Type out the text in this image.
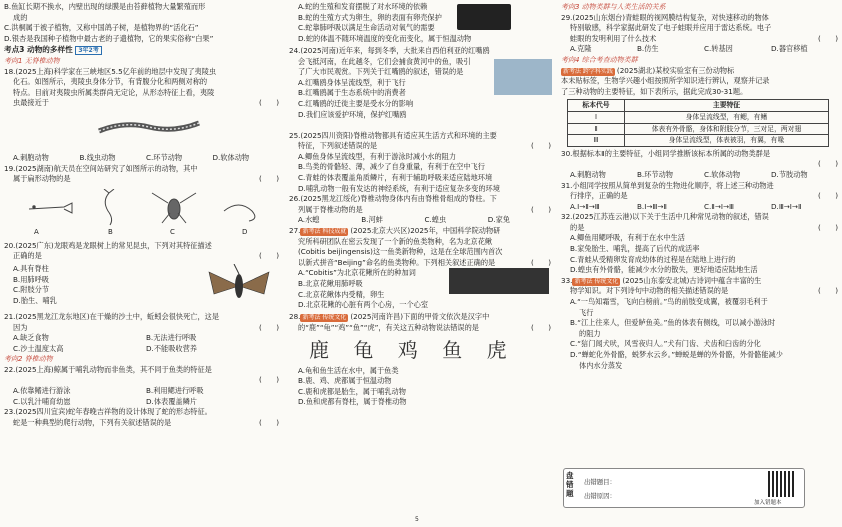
B.鱼缸长期不换水，内壁出现的绿膜是由苔藓植物大量繁殖而形
成的
C.洪桐属于被子植物，又称中国鸽子树，是植物界的“活化石”
D.银杏是我国种子植物中最古老的子遗植物，它的果实俗称“白果”
考点3 动物的多样性 3年2考
考向1 无脊椎动物
18.(2025上海)科学家在三峡地区5.5亿年前的地层中发现了夷陵虫
化石。如图所示，夷陵虫身体分节，有背腹分化和两侧对称的
特点。目前对夷陵虫所属类群尚无定论，从形态特征上看，夷陵
虫最接近于	(　　)
A.刺胞动物	B.线虫动物	C.环节动物	D.软体动物
19.(2025湖南)航天员在空间站研究了如图所示的动物，其中
属于扁形动物的是	(　　)
A	B	C	D
20.(2025广东)龙眼鸡是龙眼树上的常见昆虫，下列对其特征描述
正确的是	(　　)
A.具有脊柱
B.用肺呼吸
C.附肢分节
D.胎生、哺乳
21.(2025黑龙江龙东地区)在干燥的沙土中，蚯蚓会很快死亡，这是
因为	(　　)
A.缺乏食物	B.无法进行呼吸
C.沙土温度太高	D.不能吸收营养
考向2 脊椎动物
22.(2025上海)鲸属于哺乳动物而非鱼类，其不同于鱼类的特征是
(　　)

A.依靠鳍进行游泳	B.利用鳃进行呼吸
C.以乳汁哺育幼崽	D.体表覆盖鳞片
23.(2025四川宜宾)蛇年春晚吉祥物的设计体现了蛇的形态特征。
蛇是一种典型的爬行动物，下列有关叙述错误的是	(　　)
A.蛇的生殖和发育摆脱了对水环境的依赖
B.蛇的生殖方式为卵生，卵的表面有卵壳保护
C.蛇靠肺呼吸以满足生命活动对氧气的需要
D.蛇的体温不随环境温度的变化而变化，属于恒温动物
24.(2025河南)近年来，每到冬季，大批来自西伯利亚的红嘴鸥
会飞抵河南，在此越冬，它们会捕食黄河中的鱼，吸引
了广大市民观赏。下列关于红嘴鸥的叙述，错误的是
A.红嘴鸥身体呈流线型，利于飞行
B.红嘴鸥属于生态系统中的消费者
C.红嘴鸥的迁徙主要是受水分的影响
D.我们应该爱护环境，保护红嘴鸥
25.(2025四川资阳)脊椎动物都具有适应其生活方式和环境的主要
特征，下列叙述错误的是	(　　)
A.鲫鱼身体呈流线型，有利于游泳时减小水的阻力
B.鸟类的骨骼轻、薄，减少了自身重量，有利于在空中飞行
C.青蛙的体表覆盖角质鳞片，有利于辅助呼吸来适应陆地环境
D.哺乳动物一般有发达的神经系统，有利于适应复杂多变的环境
26.(2025黑龙江绥化)脊椎动物身体内有由脊椎骨组成的脊柱。下
列属于脊椎动物的是	(　　)
A.水螅	B.河蚌	C.蝗虫	D.家兔
27. 新考法 科技成就 (2025北京大兴区)2025年，中国科学院动物研
究所科研团队在密云发现了一个新的鱼类物种，名为北京花鳅
(Cobitis beijingensis)这一鱼类新物种，这是在全球范围内首次
以新式拼音“Beijing”命名的鱼类物种。下列相关叙述正确的是	(　　)
A.“Cobitis”为北京花鳅所在的种加词
B.北京花鳅用肺呼吸
C.北京花鳅体内受精，卵生
D.北京花鳅的心脏有两个心房，一个心室
28. 新考法 传统文化 (2025河南许昌)下面的甲骨文依次是汉字中
的“鹿”“龟”“鸡”“鱼”“虎”，有关这五种动物说法错误的是	(　　)
鹿	龟	鸡	鱼	虎
A.龟和鱼生活在水中，属于鱼类
B.鹿、鸡、虎都属于恒温动物
C.鹿和虎都是胎生，属于哺乳动物
D.鱼和虎都有脊柱，属于脊椎动物
考向3 动物类群与人类生活的关系
29.(2025山东烟台)青蛙眼的视网膜结构复杂，对快速移动的物体
特别敏感，科学家据此研发了电子蛙眼并应用于雷达系统。电子
蛙眼的发明利用了什么技术	(　　)
A.克隆	B.仿生	C.转基因	D.器官移植
考向4 综合考查动物类群
新考法 跨学科实践 (2025湖北)某校实验室有三份动物标
本未贴标签，生物学兴趣小组按照所学知识进行辨认，观察并记录
了三种动物的主要特征，如下表所示，据此完成30-31题。
标本代号	主要特征
Ⅰ	身体呈流线型，有鳃，有鳍
Ⅱ	体表有外骨骼，身体和附肢分节，三对足，两对翅
Ⅲ	身体呈流线型，体表被羽，有翼，有喙
30.根据标本Ⅱ的主要特征，小组同学推断该标本所属的动物类群是
(　　)

A.刺胞动物	B.环节动物	C.软体动物	D.节肢动物
31.小组同学按照从简单到复杂的生物进化顺序，将上述三种动物进
行排序，正确的是	(　　)
A.Ⅰ→Ⅱ→Ⅲ	B.Ⅰ→Ⅲ→Ⅱ	C.Ⅱ→Ⅰ→Ⅲ	D.Ⅲ→Ⅰ→Ⅱ
32.(2025江苏连云港)以下关于生活中几种常见动物的叙述，错误
的是	(　　)
A.鲫鱼用鳃呼吸，有利于在水中生活
B.家兔胎生、哺乳，提高了后代的成活率
C.青蛙从受精卵发育成幼体的过程是在陆地上进行的
D.蝗虫有外骨骼，能减少水分的散失，更好地适应陆地生活
33. 新考法 传统文化 (2025山东泰安北城)古诗词中蕴含丰富的生
物学知识。对下列诗句中动物的相关描述错误的是	(　　)
A.“一鸟知霜雪，飞向白榜前。”鸟的前肢变成翼，被覆羽毛利于
飞行
B.“江上往来人，但爱鲈鱼美。”鱼的体表有侧线，可以减小游泳时
的阻力
C.“狺门闻犬吠，风雪夜归人。”犬有门齿、犬齿和臼齿的分化
D.“蝉蛇化外骨骼，蜕梦水云乡。”蝉蜕是蝉的外骨骼，外骨骼能减少
体内水分蒸发
盘错题
出错题目：
出错原因：
加入错题本
5
